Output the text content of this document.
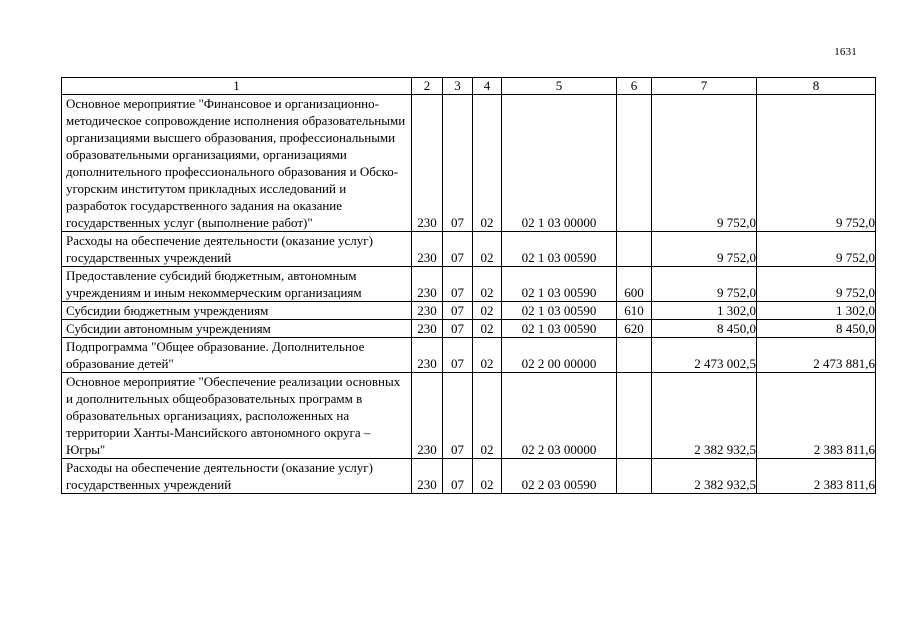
1631
1	2	3	4	5	6	7	8
Основное мероприятие "Финансовое и организационно-методическое сопровождение исполнения образовательными организациями высшего образования, профессиональными образовательными организациями, организациями дополнительного профессионального образования и Обско-угорским институтом прикладных исследований и разработок государственного задания на оказание государственных услуг (выполнение работ)"	230	07	02	02 1 03 00000		9 752,0	9 752,0
Расходы на обеспечение деятельности (оказание услуг) государственных учреждений	230	07	02	02 1 03 00590		9 752,0	9 752,0
Предоставление субсидий бюджетным, автономным учреждениям и иным некоммерческим организациям	230	07	02	02 1 03 00590	600	9 752,0	9 752,0
Субсидии бюджетным учреждениям	230	07	02	02 1 03 00590	610	1 302,0	1 302,0
Субсидии автономным учреждениям	230	07	02	02 1 03 00590	620	8 450,0	8 450,0
Подпрограмма "Общее образование. Дополнительное образование детей"	230	07	02	02 2 00 00000		2 473 002,5	2 473 881,6
Основное мероприятие "Обеспечение реализации основных и дополнительных общеобразовательных программ в образовательных организациях, расположенных на территории Ханты-Мансийского автономного округа – Югры"	230	07	02	02 2 03 00000		2 382 932,5	2 383 811,6
Расходы на обеспечение деятельности (оказание услуг) государственных учреждений	230	07	02	02 2 03 00590		2 382 932,5	2 383 811,6
